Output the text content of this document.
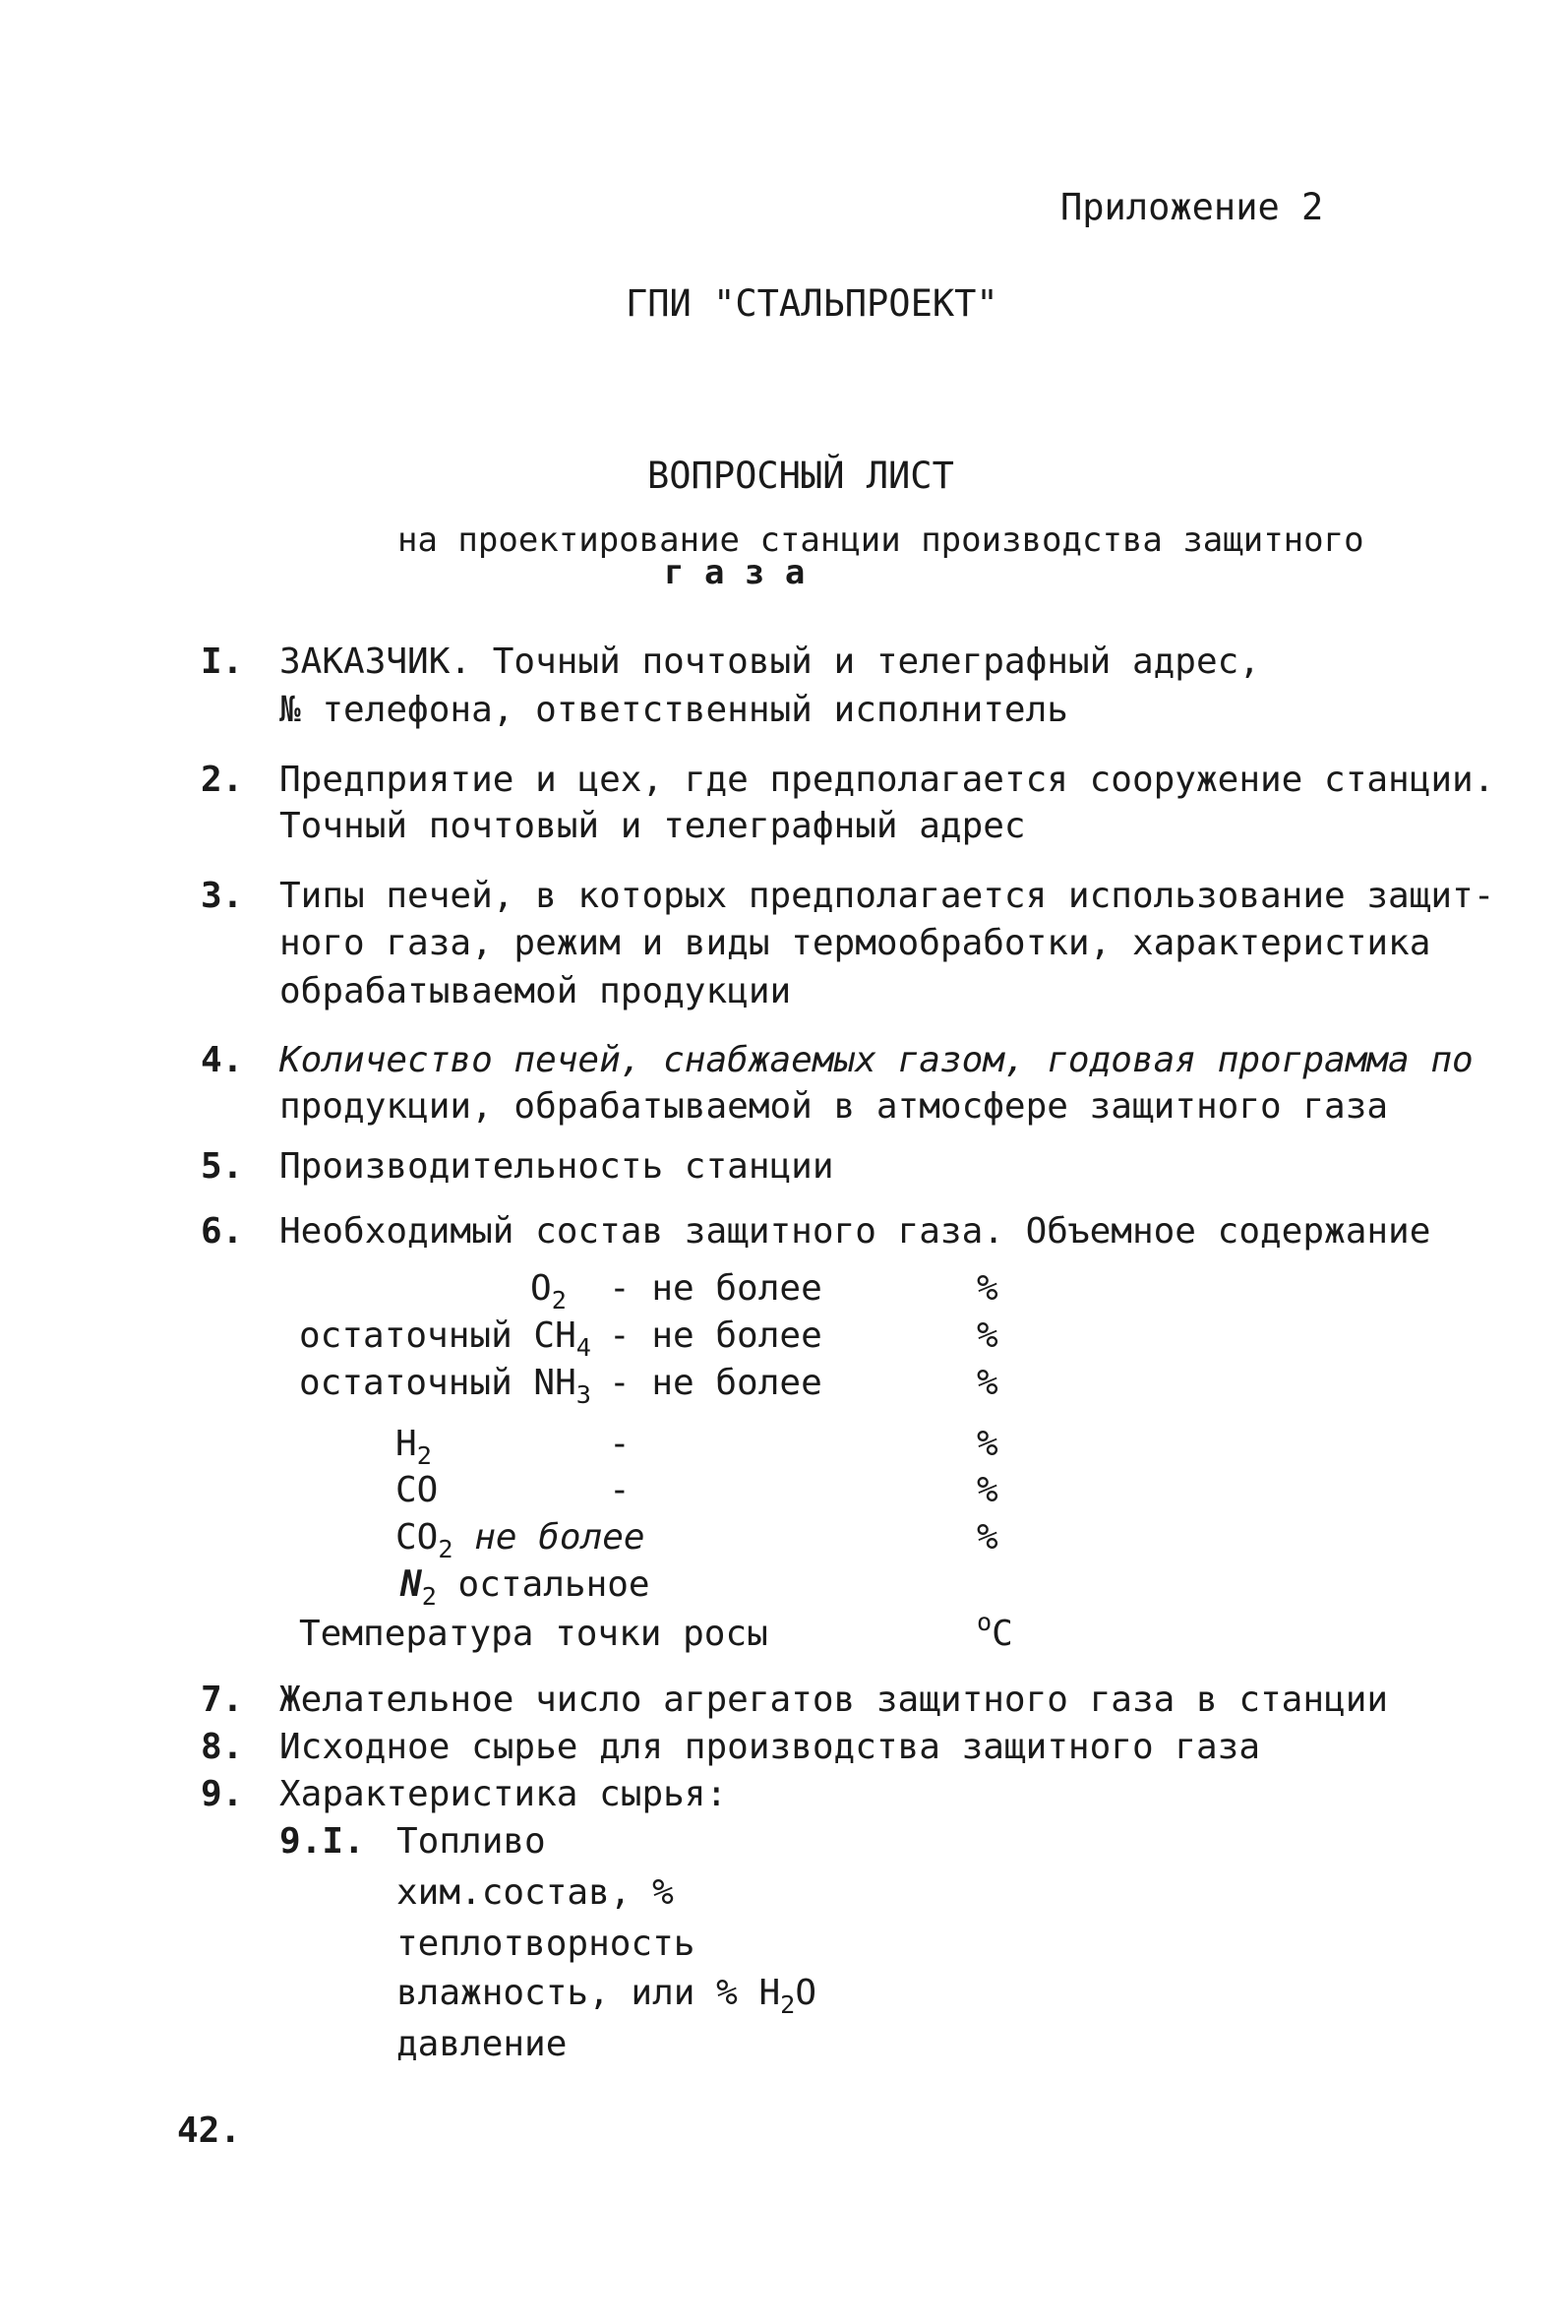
Приложение 2
ГПИ "СТАЛЬПРОЕКТ"
ВОПРОСНЫЙ ЛИСТ
на проектирование станции производства защитного
г а з а
I. ЗАКАЗЧИК. Точный почтовый и телеграфный адрес,
№ телефона, ответственный исполнитель
2. Предприятие и цех, где предполагается сооружение станции.
Точный почтовый и телеграфный адрес
3. Типы печей, в которых предполагается использование защит-
ного газа, режим и виды термообработки, характеристика
обрабатываемой продукции
4. Количество печей, снабжаемых газом, годовая программа по
продукции, обрабатываемой в атмосфере защитного газа
5. Производительность станции
6. Необходимый состав защитного газа. Объемное содержание
$O_2$ - не более	%
остаточный $CH_4$ - не более	%
остаточный $NH_3$ - не более	%
$H_2$	-	%
CO	-	%
$CO_2$ не более	%
$N_2$ остальное
Температура точки росы	$^o$C
7. Желательное число агрегатов защитного газа в станции
8. Исходное сырье для производства защитного газа
9. Характеристика сырья:
9.I. Топливо
хим.состав, %
теплотворность
влажность, или % $H_2O$
давление
42.
